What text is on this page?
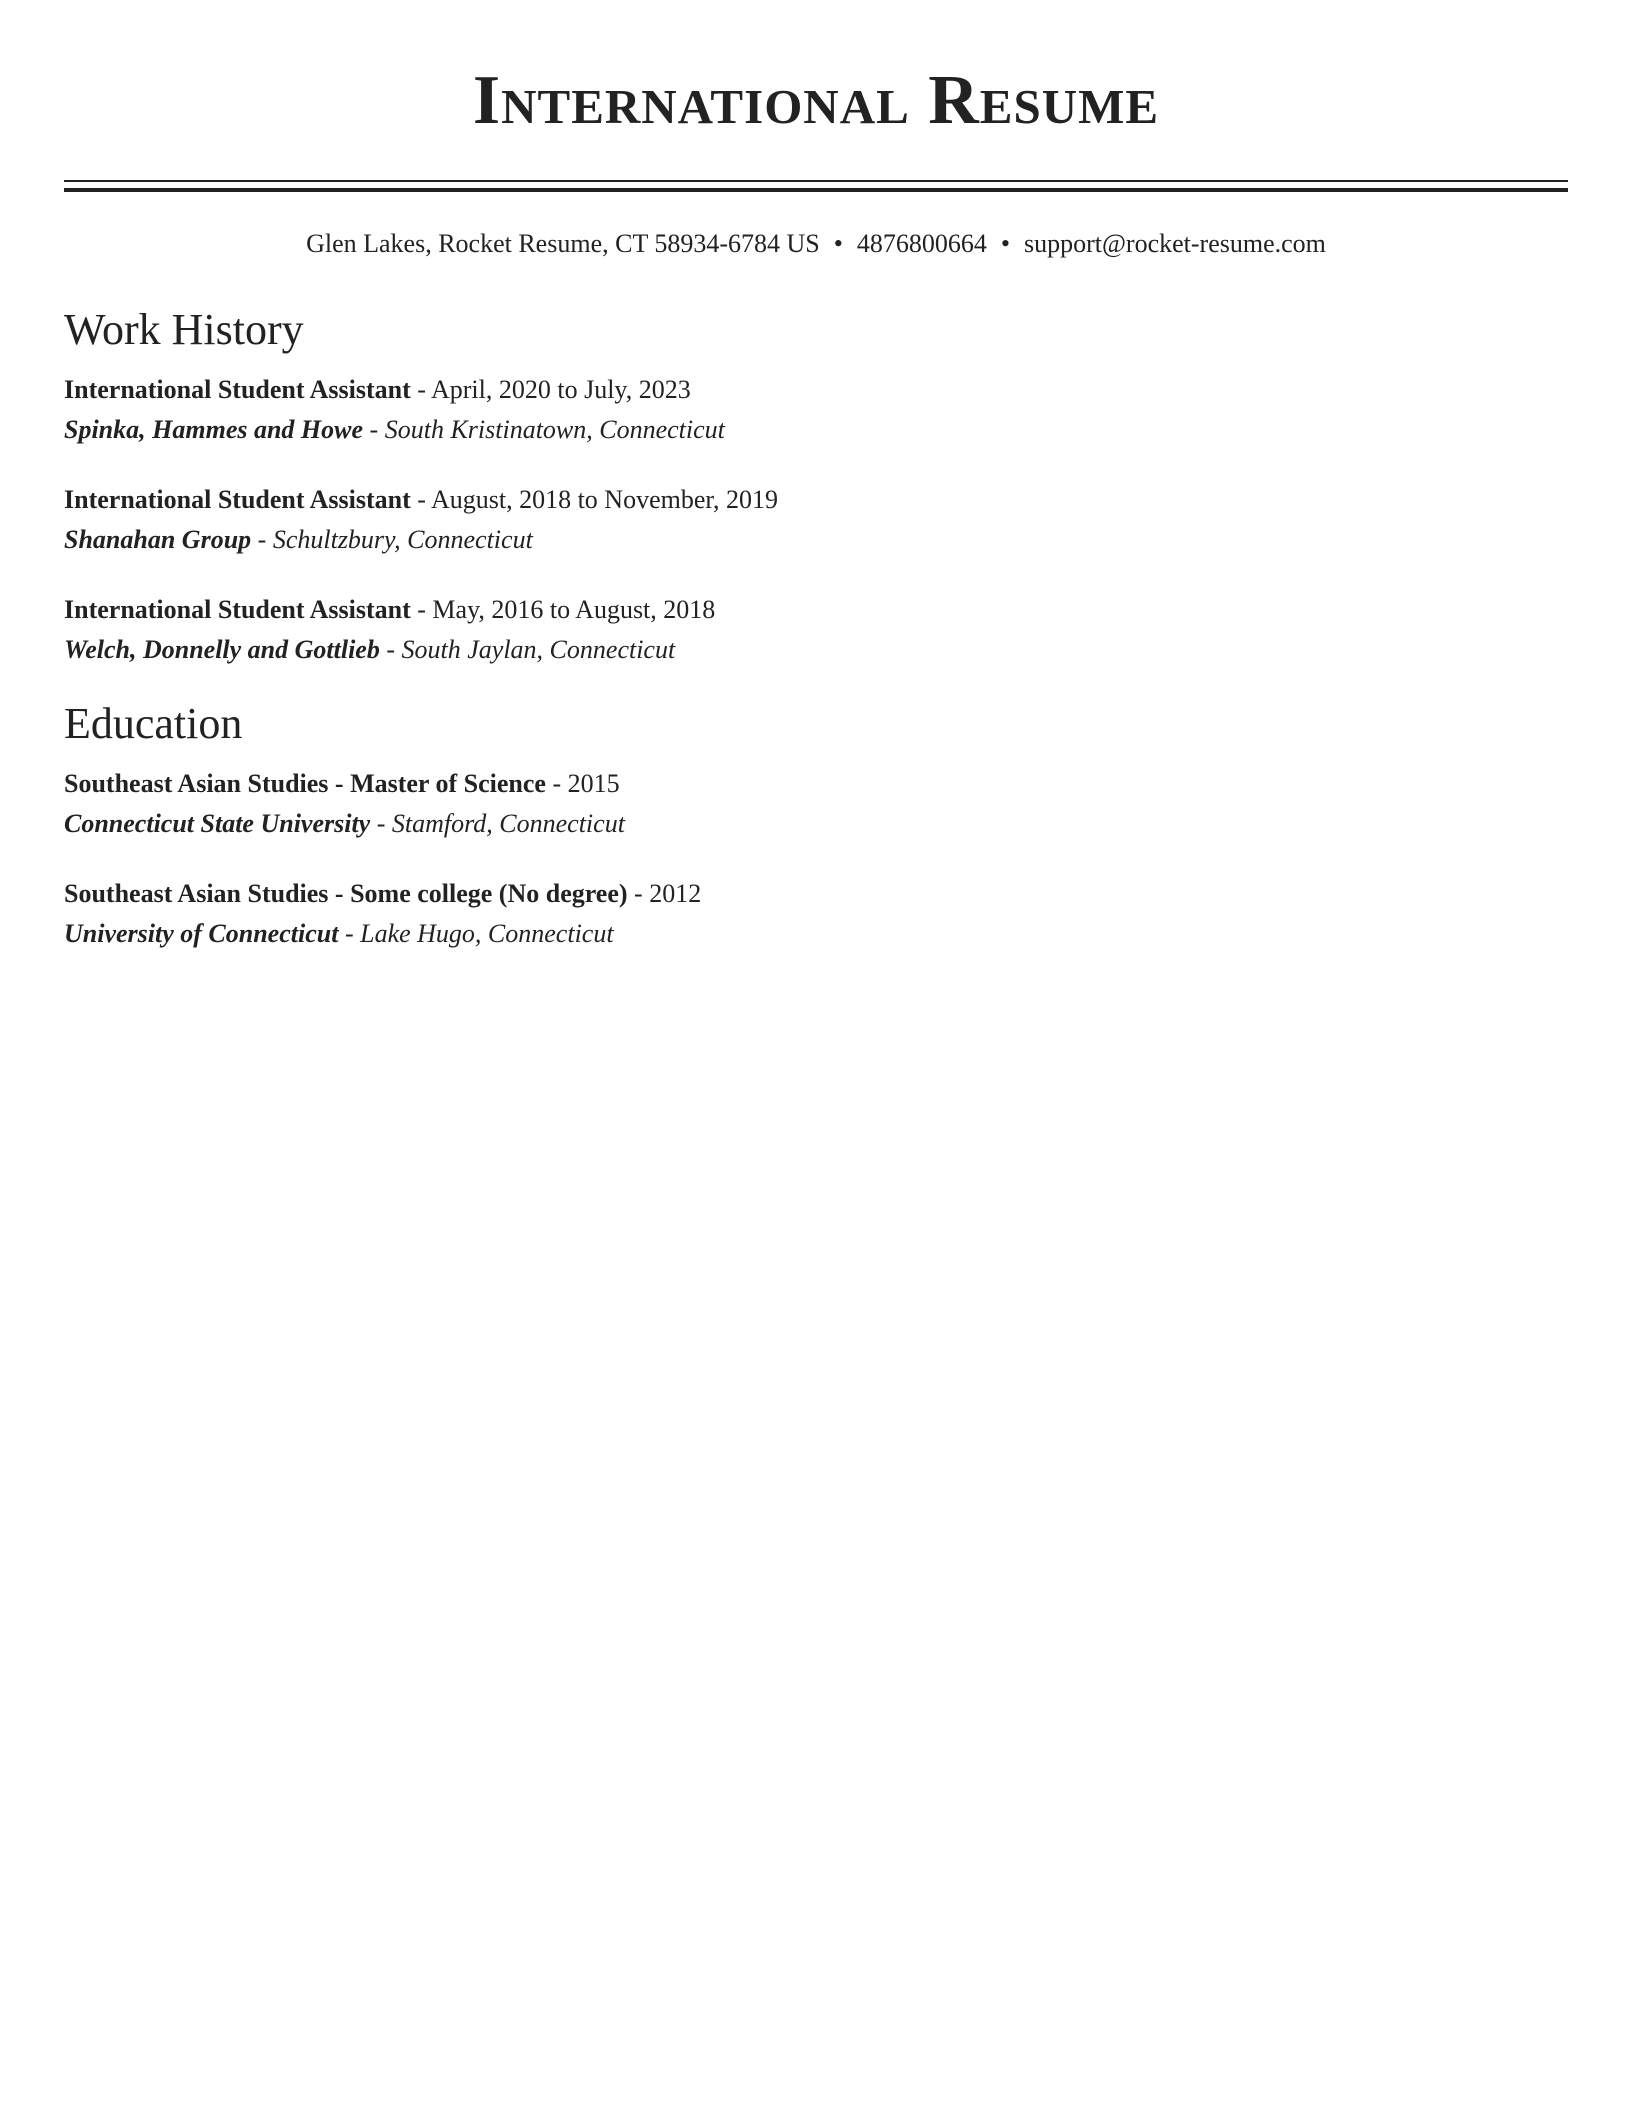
International Resume
Glen Lakes, Rocket Resume, CT 58934-6784 US • 4876800664 • support@rocket-resume.com
Work History
International Student Assistant - April, 2020 to July, 2023
Spinka, Hammes and Howe - South Kristinatown, Connecticut
International Student Assistant - August, 2018 to November, 2019
Shanahan Group - Schultzbury, Connecticut
International Student Assistant - May, 2016 to August, 2018
Welch, Donnelly and Gottlieb - South Jaylan, Connecticut
Education
Southeast Asian Studies - Master of Science - 2015
Connecticut State University - Stamford, Connecticut
Southeast Asian Studies - Some college (No degree) - 2012
University of Connecticut - Lake Hugo, Connecticut
